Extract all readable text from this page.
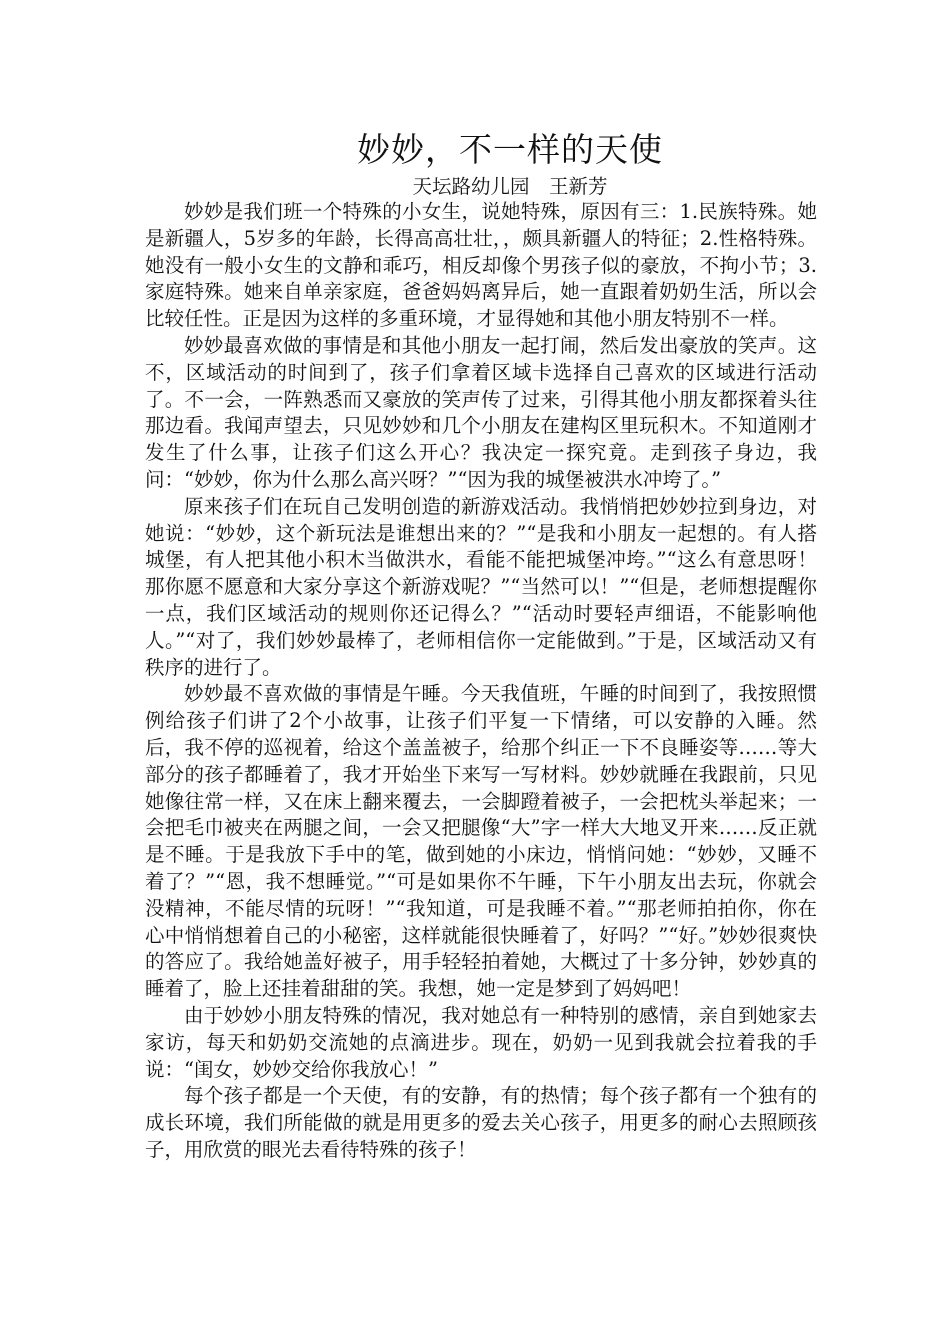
妙妙，不一样的天使
天坛路幼儿园　王新芳

妙妙是我们班一个特殊的小女生，说她特殊，原因有三：1.民族特殊。她是新疆人，5岁多的年龄，长得高高壮壮，，颇具新疆人的特征；2.性格特殊。她没有一般小女生的文静和乖巧，相反却像个男孩子似的豪放，不拘小节；3.家庭特殊。她来自单亲家庭，爸爸妈妈离异后，她一直跟着奶奶生活，所以会比较任性。正是因为这样的多重环境，才显得她和其他小朋友特别不一样。

妙妙最喜欢做的事情是和其他小朋友一起打闹，然后发出豪放的笑声。这不，区域活动的时间到了，孩子们拿着区域卡选择自己喜欢的区域进行活动了。不一会，一阵熟悉而又豪放的笑声传了过来，引得其他小朋友都探着头往那边看。我闻声望去，只见妙妙和几个小朋友在建构区里玩积木。不知道刚才发生了什么事，让孩子们这么开心？我决定一探究竟。走到孩子身边，我问：“妙妙，你为什么那么高兴呀？”“因为我的城堡被洪水冲垮了。”

原来孩子们在玩自己发明创造的新游戏活动。我悄悄把妙妙拉到身边，对她说：“妙妙，这个新玩法是谁想出来的？”“是我和小朋友一起想的。有人搭城堡，有人把其他小积木当做洪水，看能不能把城堡冲垮。”“这么有意思呀！那你愿不愿意和大家分享这个新游戏呢？”“当然可以！”“但是，老师想提醒你一点，我们区域活动的规则你还记得么？”“活动时要轻声细语，不能影响他人。”“对了，我们妙妙最棒了，老师相信你一定能做到。”于是，区域活动又有秩序的进行了。

妙妙最不喜欢做的事情是午睡。今天我值班，午睡的时间到了，我按照惯例给孩子们讲了2个小故事，让孩子们平复一下情绪，可以安静的入睡。然后，我不停的巡视着，给这个盖盖被子，给那个纠正一下不良睡姿等……等大部分的孩子都睡着了，我才开始坐下来写一写材料。妙妙就睡在我跟前，只见她像往常一样，又在床上翻来覆去，一会脚蹬着被子，一会把枕头举起来；一会把毛巾被夹在两腿之间，一会又把腿像“大”字一样大大地叉开来……反正就是不睡。于是我放下手中的笔，做到她的小床边，悄悄问她：“妙妙，又睡不着了？”“恩，我不想睡觉。”“可是如果你不午睡，下午小朋友出去玩，你就会没精神，不能尽情的玩呀！”“我知道，可是我睡不着。”“那老师拍拍你，你在心中悄悄想着自己的小秘密，这样就能很快睡着了，好吗？”“好。”妙妙很爽快的答应了。我给她盖好被子，用手轻轻拍着她，大概过了十多分钟，妙妙真的睡着了，脸上还挂着甜甜的笑。我想，她一定是梦到了妈妈吧！

由于妙妙小朋友特殊的情况，我对她总有一种特别的感情，亲自到她家去家访，每天和奶奶交流她的点滴进步。现在，奶奶一见到我就会拉着我的手说：“闺女，妙妙交给你我放心！”

每个孩子都是一个天使，有的安静，有的热情；每个孩子都有一个独有的成长环境，我们所能做的就是用更多的爱去关心孩子，用更多的耐心去照顾孩子，用欣赏的眼光去看待特殊的孩子！
